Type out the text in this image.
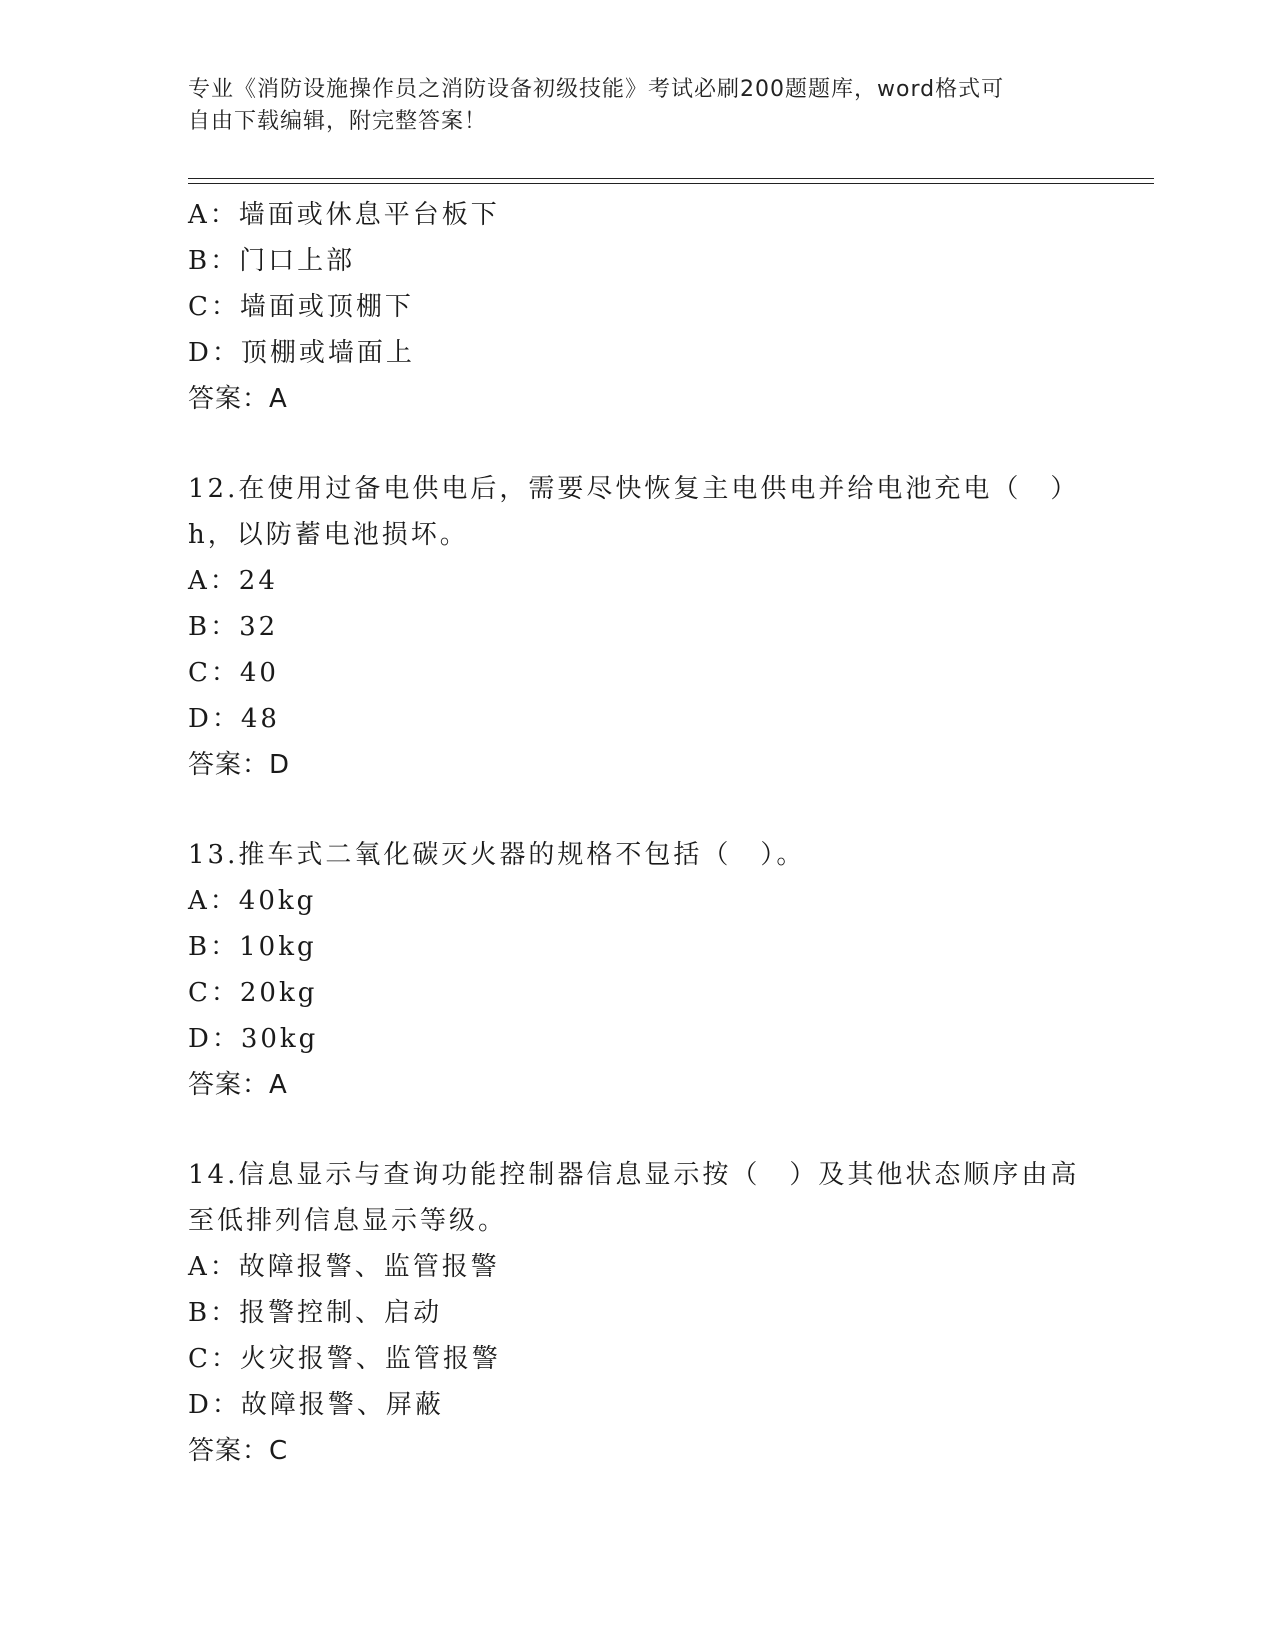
专业《消防设施操作员之消防设备初级技能》考试必刷200题题库，word格式可
自由下载编辑，附完整答案！
A：墙面或休息平台板下
B：门口上部
C：墙面或顶棚下
D：顶棚或墙面上
答案：A
12.在使用过备电供电后，需要尽快恢复主电供电并给电池充电（　）
h，以防蓄电池损坏。
A：24
B：32
C：40
D：48
答案：D
13.推车式二氧化碳灭火器的规格不包括（　）。
A：40kg
B：10kg
C：20kg
D：30kg
答案：A
14.信息显示与查询功能控制器信息显示按（　）及其他状态顺序由高
至低排列信息显示等级。
A：故障报警、监管报警
B：报警控制、启动
C：火灾报警、监管报警
D：故障报警、屏蔽
答案：C
